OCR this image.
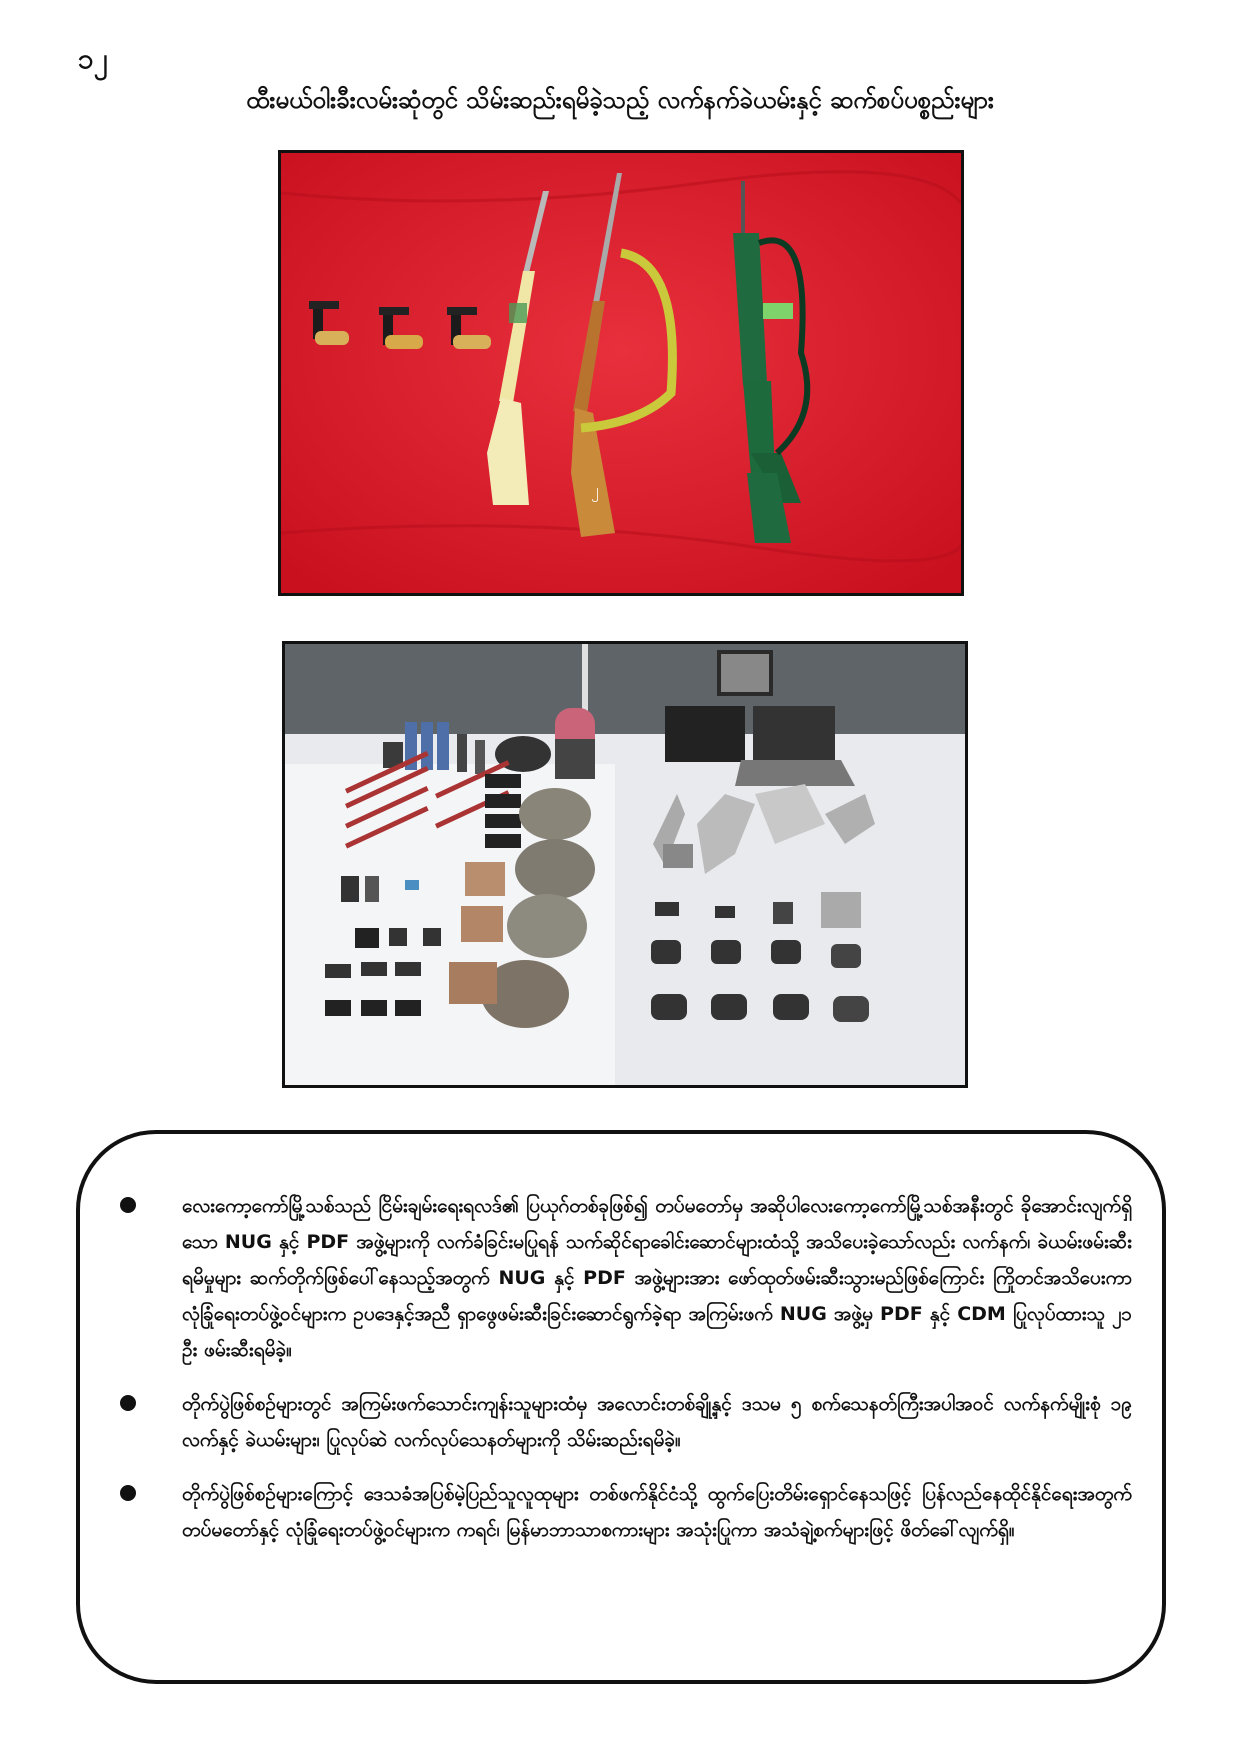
၁၂
ထီးမယ်ဝါးခီးလမ်းဆုံတွင် သိမ်းဆည်းရမိခဲ့သည့် လက်နက်ခဲယမ်းနှင့် ဆက်စပ်ပစ္စည်းများ
၂
လေးကော့ကော်မြို့သစ်သည် ငြိမ်းချမ်းရေးရလဒ်၏ ပြယုဂ်တစ်ခုဖြစ်၍ တပ်မတော်မှ အဆိုပါလေးကော့ကော်မြို့သစ်အနီးတွင် ခိုအောင်းလျက်ရှိသော NUG နှင့် PDF အဖွဲ့များကို လက်ခံခြင်းမပြုရန် သက်ဆိုင်ရာခေါင်းဆောင်များထံသို့ အသိပေးခဲ့သော်လည်း လက်နက်၊ ခဲယမ်းဖမ်းဆီးရမိမှုများ ဆက်တိုက်ဖြစ်ပေါ်နေသည့်အတွက် NUG နှင့် PDF အဖွဲ့များအား ဖော်ထုတ်ဖမ်းဆီးသွားမည်ဖြစ်ကြောင်း ကြိုတင်အသိပေးကာ လုံခြုံရေးတပ်ဖွဲ့ဝင်များက ဥပဒေနှင့်အညီ ရှာဖွေဖမ်းဆီးခြင်းဆောင်ရွက်ခဲ့ရာ အကြမ်းဖက် NUG အဖွဲ့မှ PDF နှင့် CDM ပြုလုပ်ထားသူ ၂၁ ဦး ဖမ်းဆီးရမိခဲ့။
တိုက်ပွဲဖြစ်စဉ်များတွင် အကြမ်းဖက်သောင်းကျန်းသူများထံမှ အလောင်းတစ်ချို့နှင့် ဒသမ ၅ စက်သေနတ်ကြီးအပါအဝင် လက်နက်မျိုးစုံ ၁၉ လက်နှင့် ခဲယမ်းများ၊ ပြုလုပ်ဆဲ လက်လုပ်သေနတ်များကို သိမ်းဆည်းရမိခဲ့။
တိုက်ပွဲဖြစ်စဉ်များကြောင့် ဒေသခံအပြစ်မဲ့ပြည်သူလူထုများ တစ်ဖက်နိုင်ငံသို့ ထွက်ပြေးတိမ်းရှောင်နေသဖြင့် ပြန်လည်နေထိုင်နိုင်ရေးအတွက် တပ်မတော်နှင့် လုံခြုံရေးတပ်ဖွဲ့ဝင်များက ကရင်၊ မြန်မာဘာသာစကားများ အသုံးပြုကာ အသံချဲ့စက်များဖြင့် ဖိတ်ခေါ်လျက်ရှိ။
